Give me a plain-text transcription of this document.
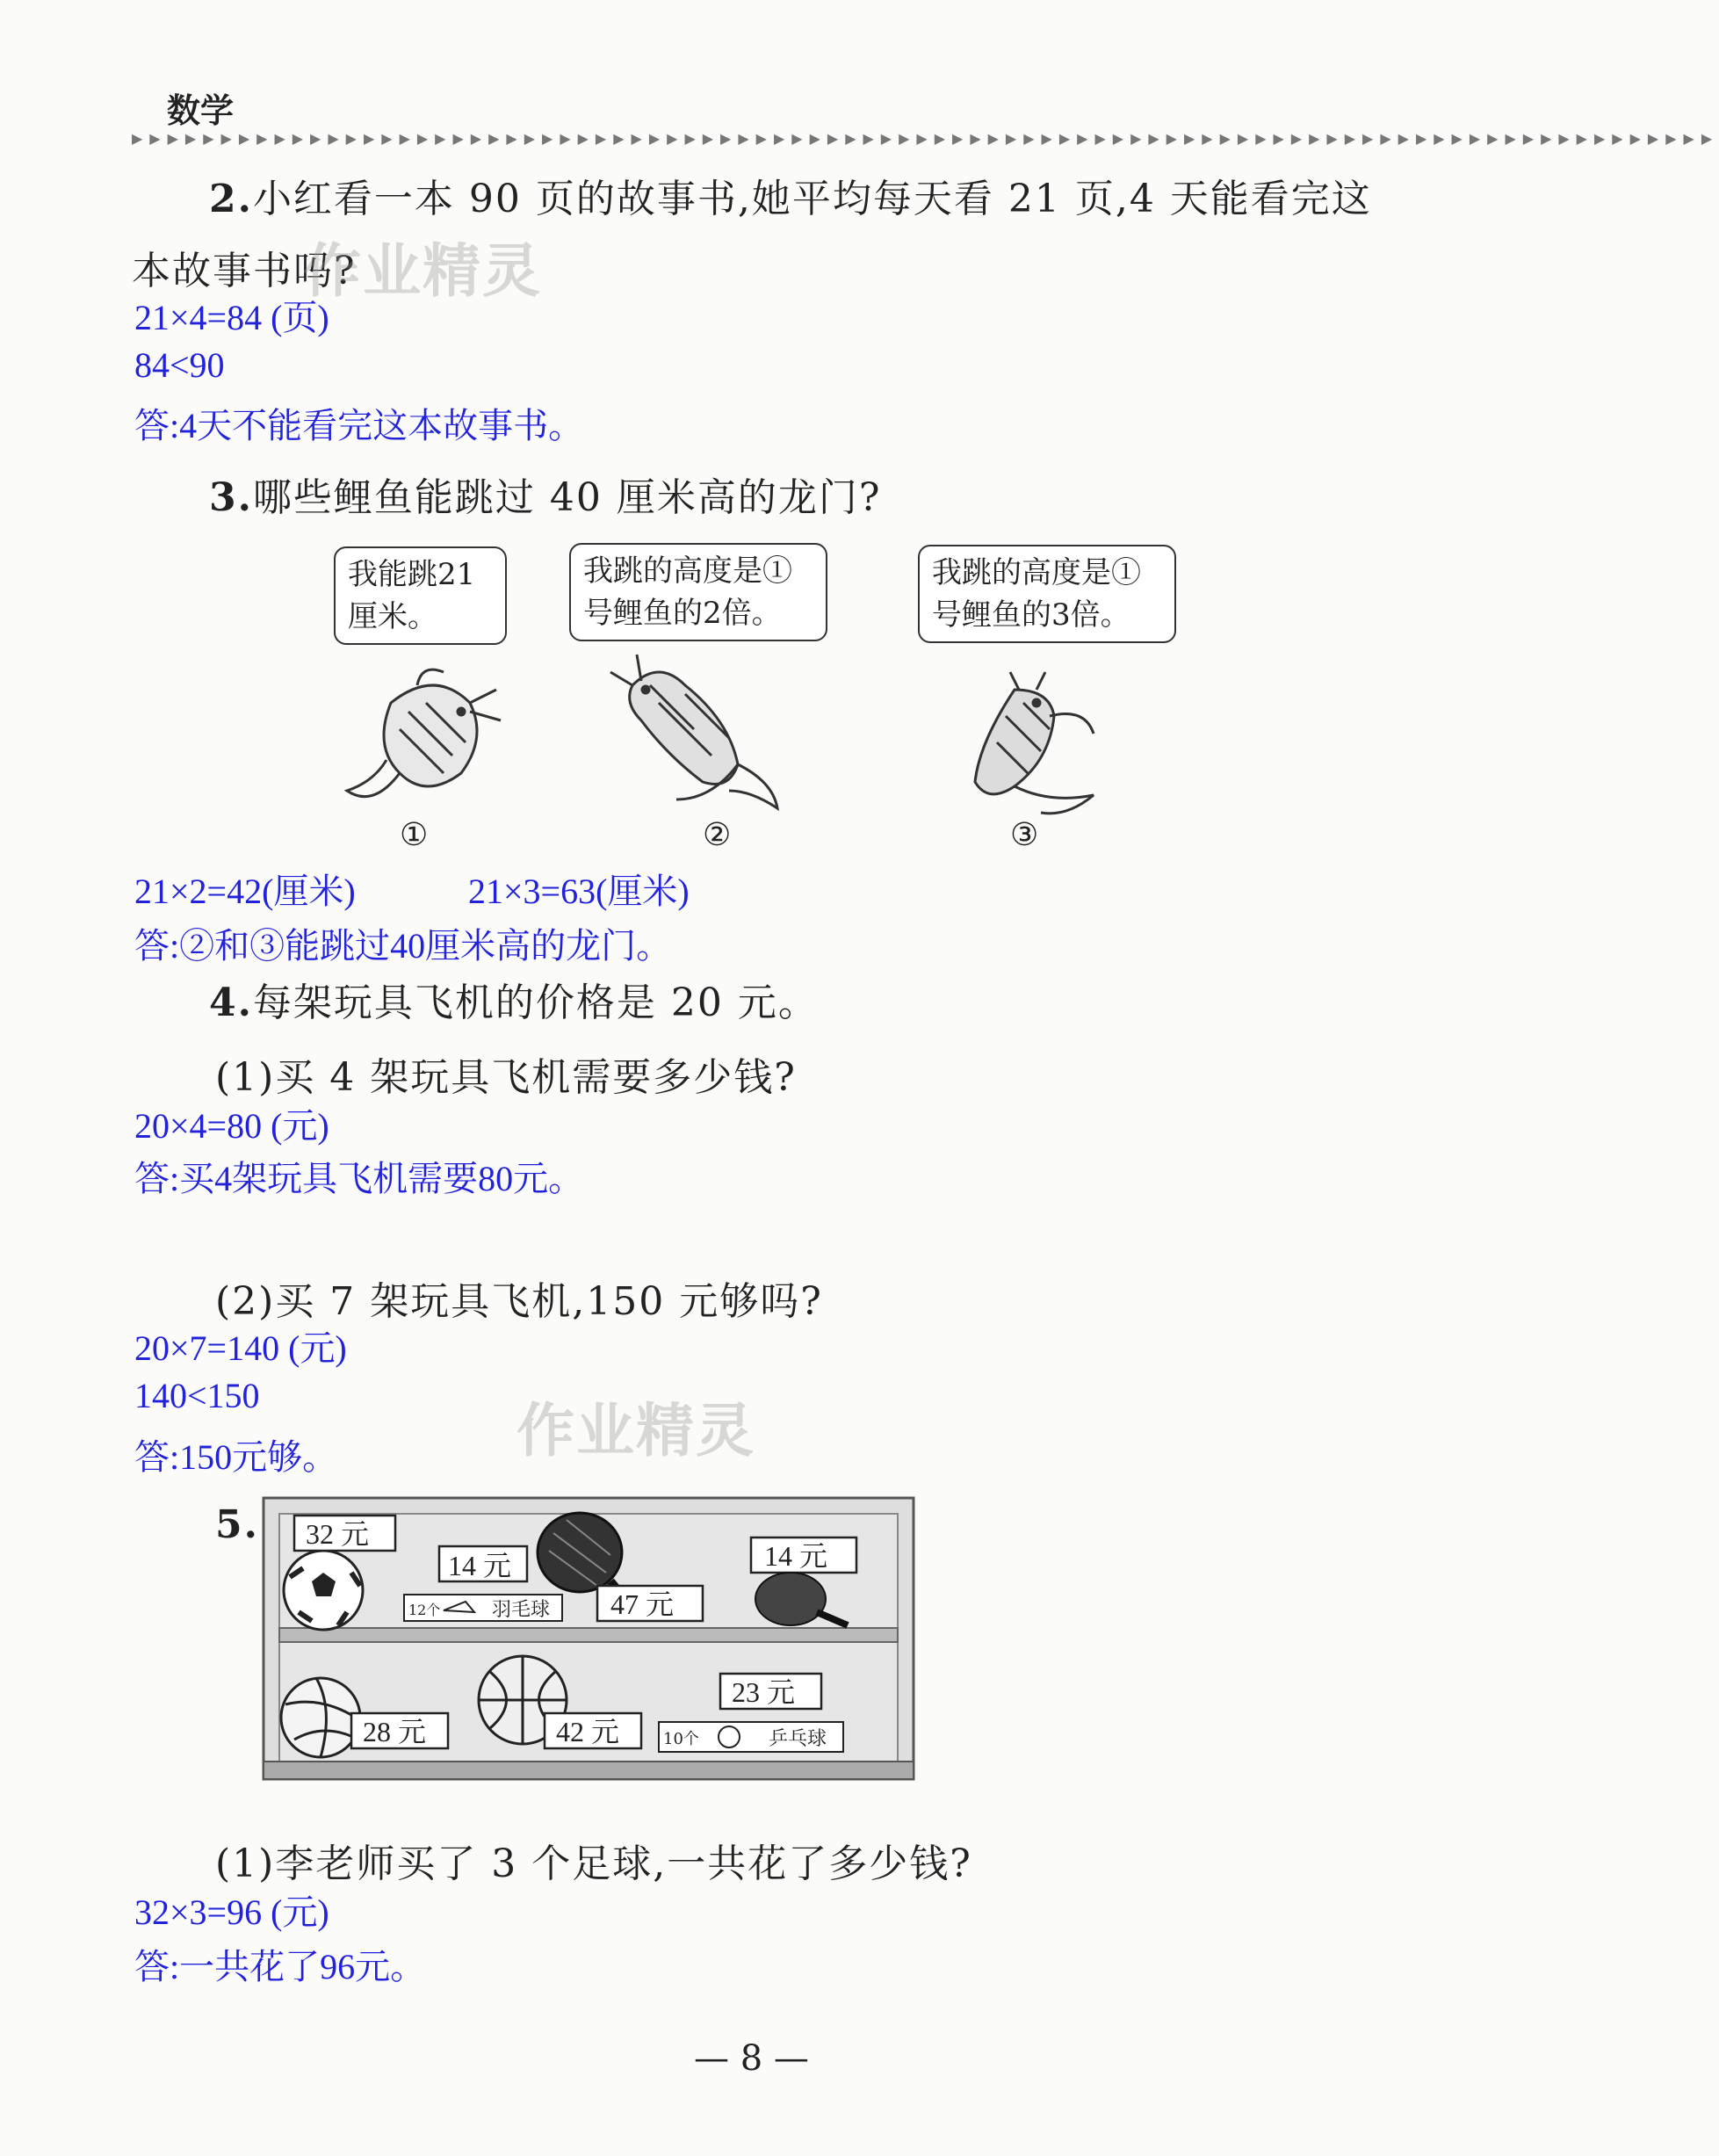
数学
▶▶▶▶▶▶▶▶▶▶▶▶▶▶▶▶▶▶▶▶▶▶▶▶▶▶▶▶▶▶▶▶▶▶▶▶▶▶▶▶▶▶▶▶▶▶▶▶▶▶▶▶▶▶▶▶▶▶▶▶▶▶▶▶▶▶▶▶▶▶▶▶▶▶▶▶▶▶▶▶▶▶▶▶▶▶▶▶▶
2.小红看一本 90 页的故事书,她平均每天看 21 页,4 天能看完这
本故事书吗?
作业精灵
21×4=84 (页)
84<90
答:4天不能看完这本故事书。
3.哪些鲤鱼能跳过 40 厘米高的龙门?
我能跳21
厘米。
我跳的高度是①
号鲤鱼的2倍。
我跳的高度是①
号鲤鱼的3倍。
①	②	③
21×2=42(厘米)	21×3=63(厘米)
答:②和③能跳过40厘米高的龙门。
4.每架玩具飞机的价格是 20 元。
(1)买 4 架玩具飞机需要多少钱?
20×4=80 (元)
答:买4架玩具飞机需要80元。
(2)买 7 架玩具飞机,150 元够吗?
20×7=140 (元)
140<150
作业精灵
答:150元够。
5. 32 元
14 元
12个	羽毛球 47 元
14 元
28 元	42 元
23 元
10个	乒乓球
(1)李老师买了 3 个足球,一共花了多少钱?
32×3=96 (元)
答:一共花了96元。
— 8 —
